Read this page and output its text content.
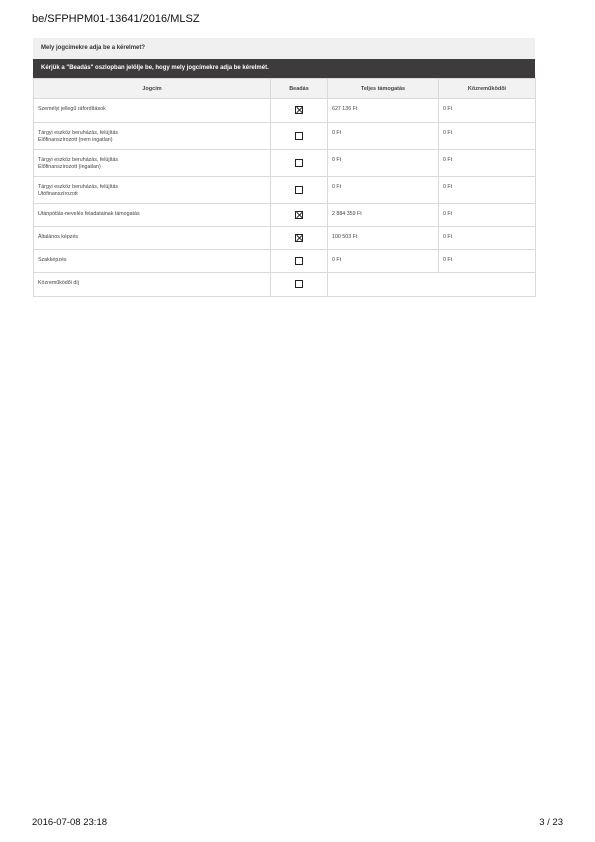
be/SFPHPM01-13641/2016/MLSZ
Mely jogcímekre adja be a kérelmet?
Kérjük a "Beadás" oszlopban jelölje be, hogy mely jogcímekre adja be kérelmét.
Jogcím	Beadás	Teljes támogatás	Közreműködői
Személyi jellegű ráfordítások		627 136 Ft	0 Ft
Tárgyi eszköz beruházás, felújítás
Előfinanszírozott (nem ingatlan)		0 Ft	0 Ft
Tárgyi eszköz beruházás, felújítás
Előfinanszírozott (ingatlan)		0 Ft	0 Ft
Tárgyi eszköz beruházás, felújítás
Utófinanszírozott		0 Ft	0 Ft
Utánpótlás-nevelés feladatainak támogatás		2 884 359 Ft	0 Ft
Általános képzés		100 503 Ft	0 Ft
Szakképzés		0 Ft	0 Ft
Közreműködői díj			
2016-07-08 23:18	3 / 23
